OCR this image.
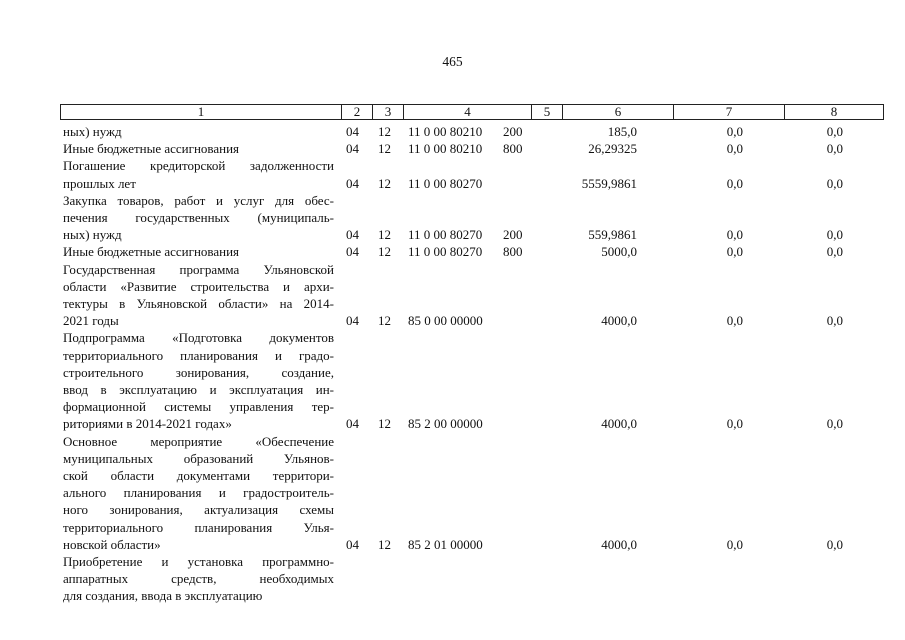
465
1	2	3	4	5	6	7	8
ных) нужд	04 12 11 0 00 80210 200	185,0	0,0	0,0
Иные бюджетные ассигнования	04 12 11 0 00 80210 800	26,29325	0,0	0,0
Погашение кредиторской задолженности
прошлых лет	04 12 11 0 00 80270	5559,9861	0,0	0,0
Закупка товаров, работ и услуг для обес-
печения государственных (муниципаль-
ных) нужд	04 12 11 0 00 80270 200	559,9861	0,0	0,0
Иные бюджетные ассигнования	04 12 11 0 00 80270 800	5000,0	0,0	0,0
Государственная программа Ульяновской
области «Развитие строительства и архи-
тектуры в Ульяновской области» на 2014-
2021 годы	04 12 85 0 00 00000	4000,0	0,0	0,0
Подпрограмма «Подготовка документов
территориального планирования и градо-
строительного зонирования, создание,
ввод в эксплуатацию и эксплуатация ин-
формационной системы управления тер-
риториями в 2014-2021 годах»	04 12 85 2 00 00000	4000,0	0,0	0,0
Основное мероприятие «Обеспечение
муниципальных образований Ульянов-
ской области документами территори-
ального планирования и градостроитель-
ного зонирования, актуализация схемы
территориального планирования Улья-
новской области»	04 12 85 2 01 00000	4000,0	0,0	0,0
Приобретение и установка программно-
аппаратных средств, необходимых
для создания, ввода в эксплуатацию
